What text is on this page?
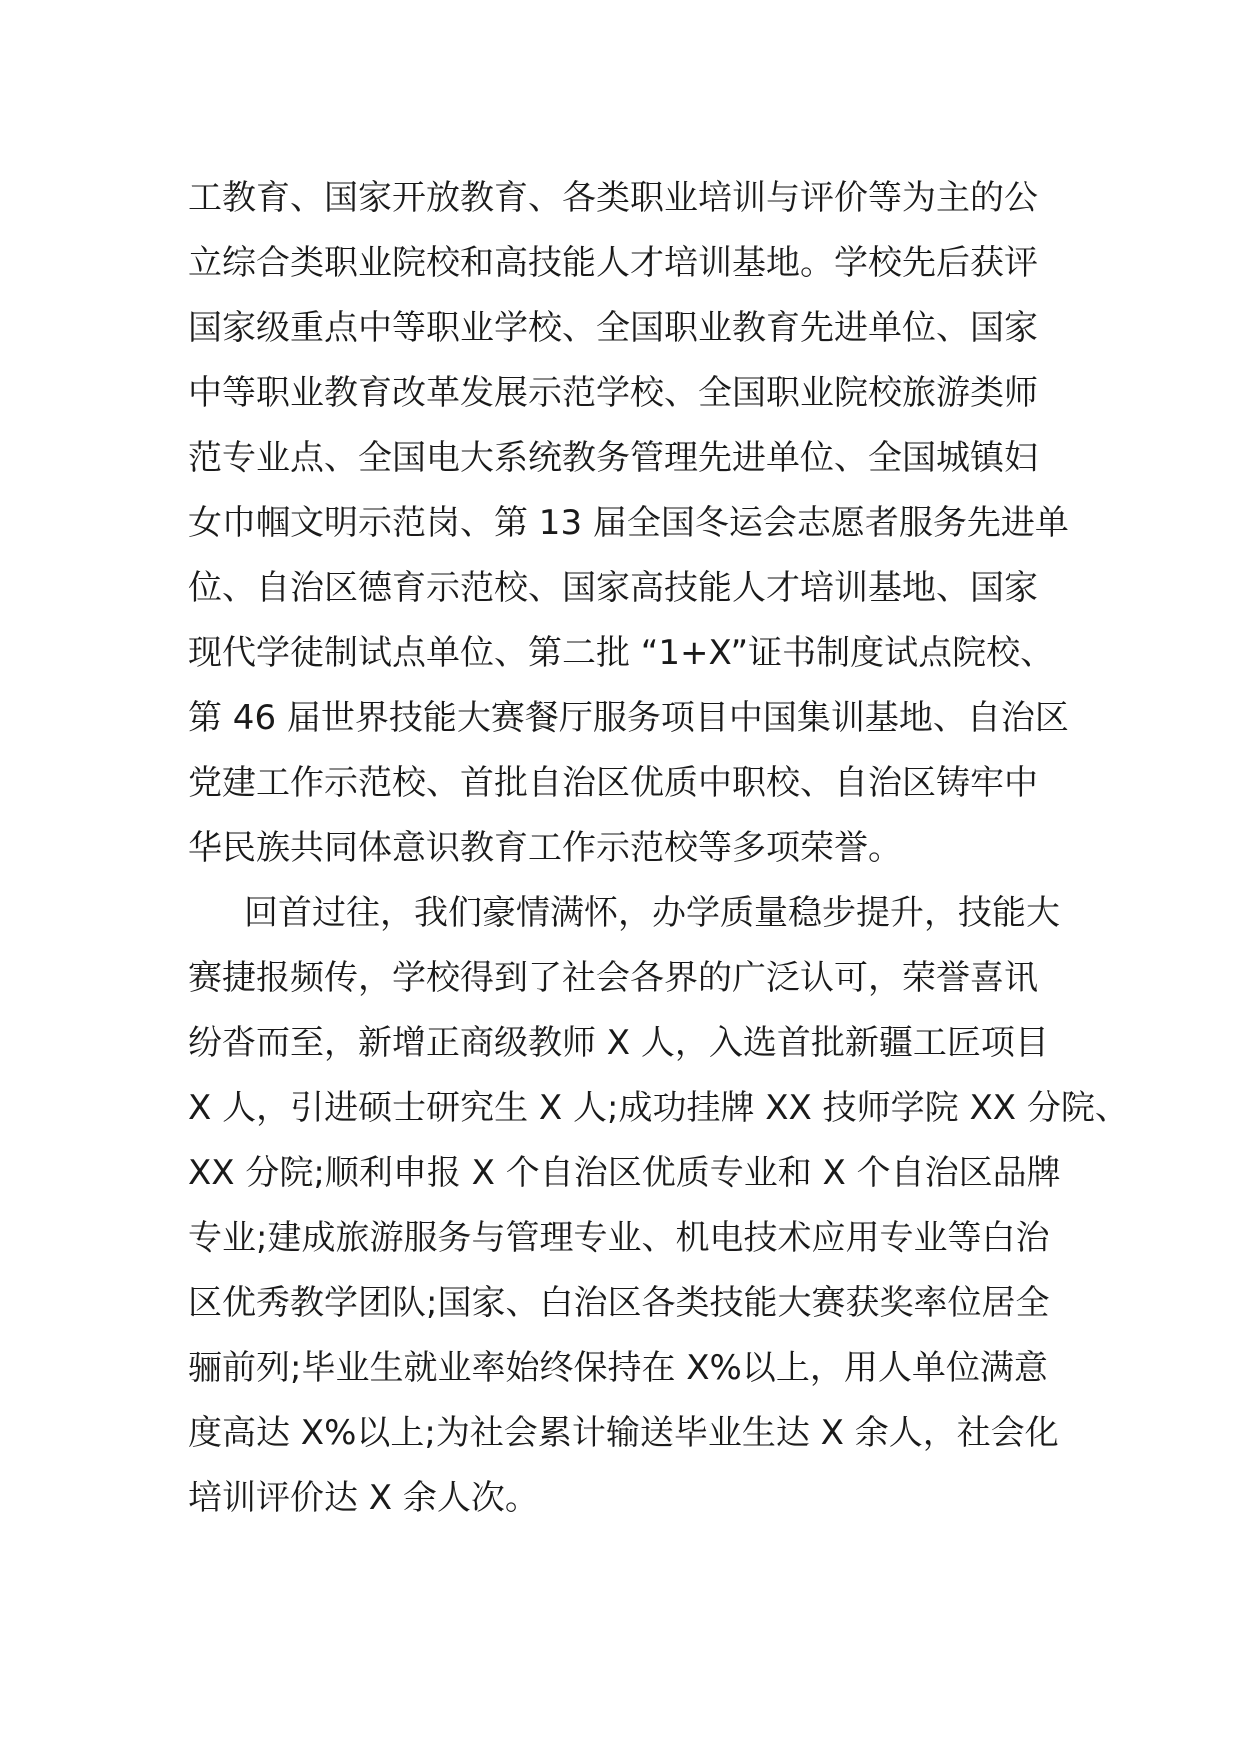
工教育、国家开放教育、各类职业培训与评价等为主的公
立综合类职业院校和高技能人才培训基地。学校先后获评
国家级重点中等职业学校、全国职业教育先进单位、国家
中等职业教育改革发展示范学校、全国职业院校旅游类师
范专业点、全国电大系统教务管理先进单位、全国城镇妇
女巾帼文明示范岗、第 13 届全国冬运会志愿者服务先进单
位、自治区德育示范校、国家高技能人才培训基地、国家
现代学徒制试点单位、第二批 “1+X”证书制度试点院校、
第 46 届世界技能大赛餐厅服务项目中国集训基地、自治区
党建工作示范校、首批自治区优质中职校、自治区铸牢中
华民族共同体意识教育工作示范校等多项荣誉。
回首过往，我们豪情满怀，办学质量稳步提升，技能大
赛捷报频传，学校得到了社会各界的广泛认可，荣誉喜讯
纷沓而至，新增正商级教师 X 人，入选首批新疆工匠项目
X 人，引进硕士研究生 X 人;成功挂牌 XX 技师学院 XX 分院、
XX 分院;顺利申报 X 个自治区优质专业和 X 个自治区品牌
专业;建成旅游服务与管理专业、机电技术应用专业等白治
区优秀教学团队;国家、白治区各类技能大赛获奖率位居全
骊前列;毕业生就业率始终保持在 X%以上，用人单位满意
度高达 X%以上;为社会累计输送毕业生达 X 余人，社会化
培训评价达 X 余人次。
